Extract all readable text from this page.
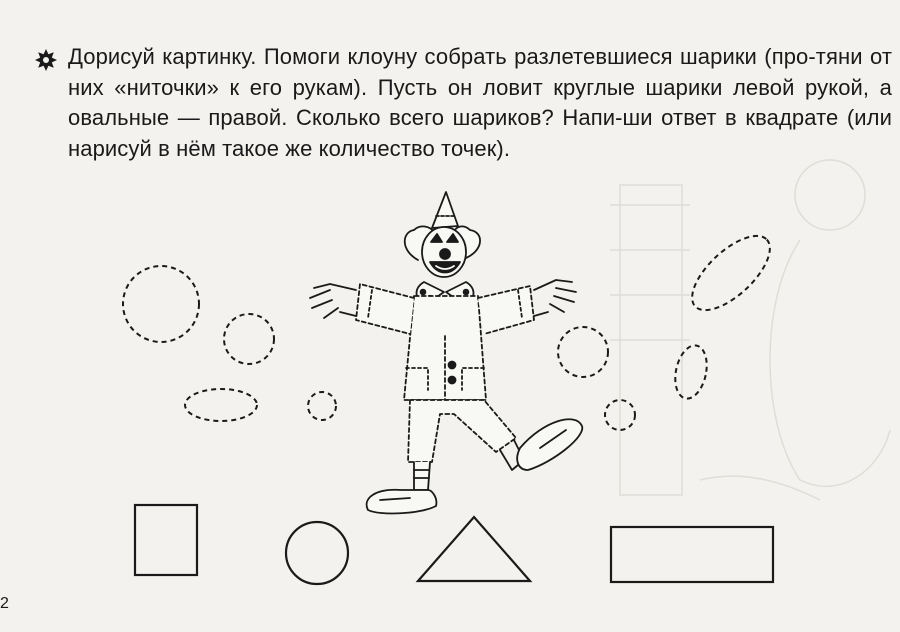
Дорисуй картинку. Помоги клоуну собрать разлетевшиеся шарики (про-тяни от них «ниточки» к его рукам). Пусть он ловит круглые шарики левой рукой, а овальные — правой. Сколько всего шариков? Напи-ши ответ в квадрате (или нарисуй в нём такое же количество точек).
2
